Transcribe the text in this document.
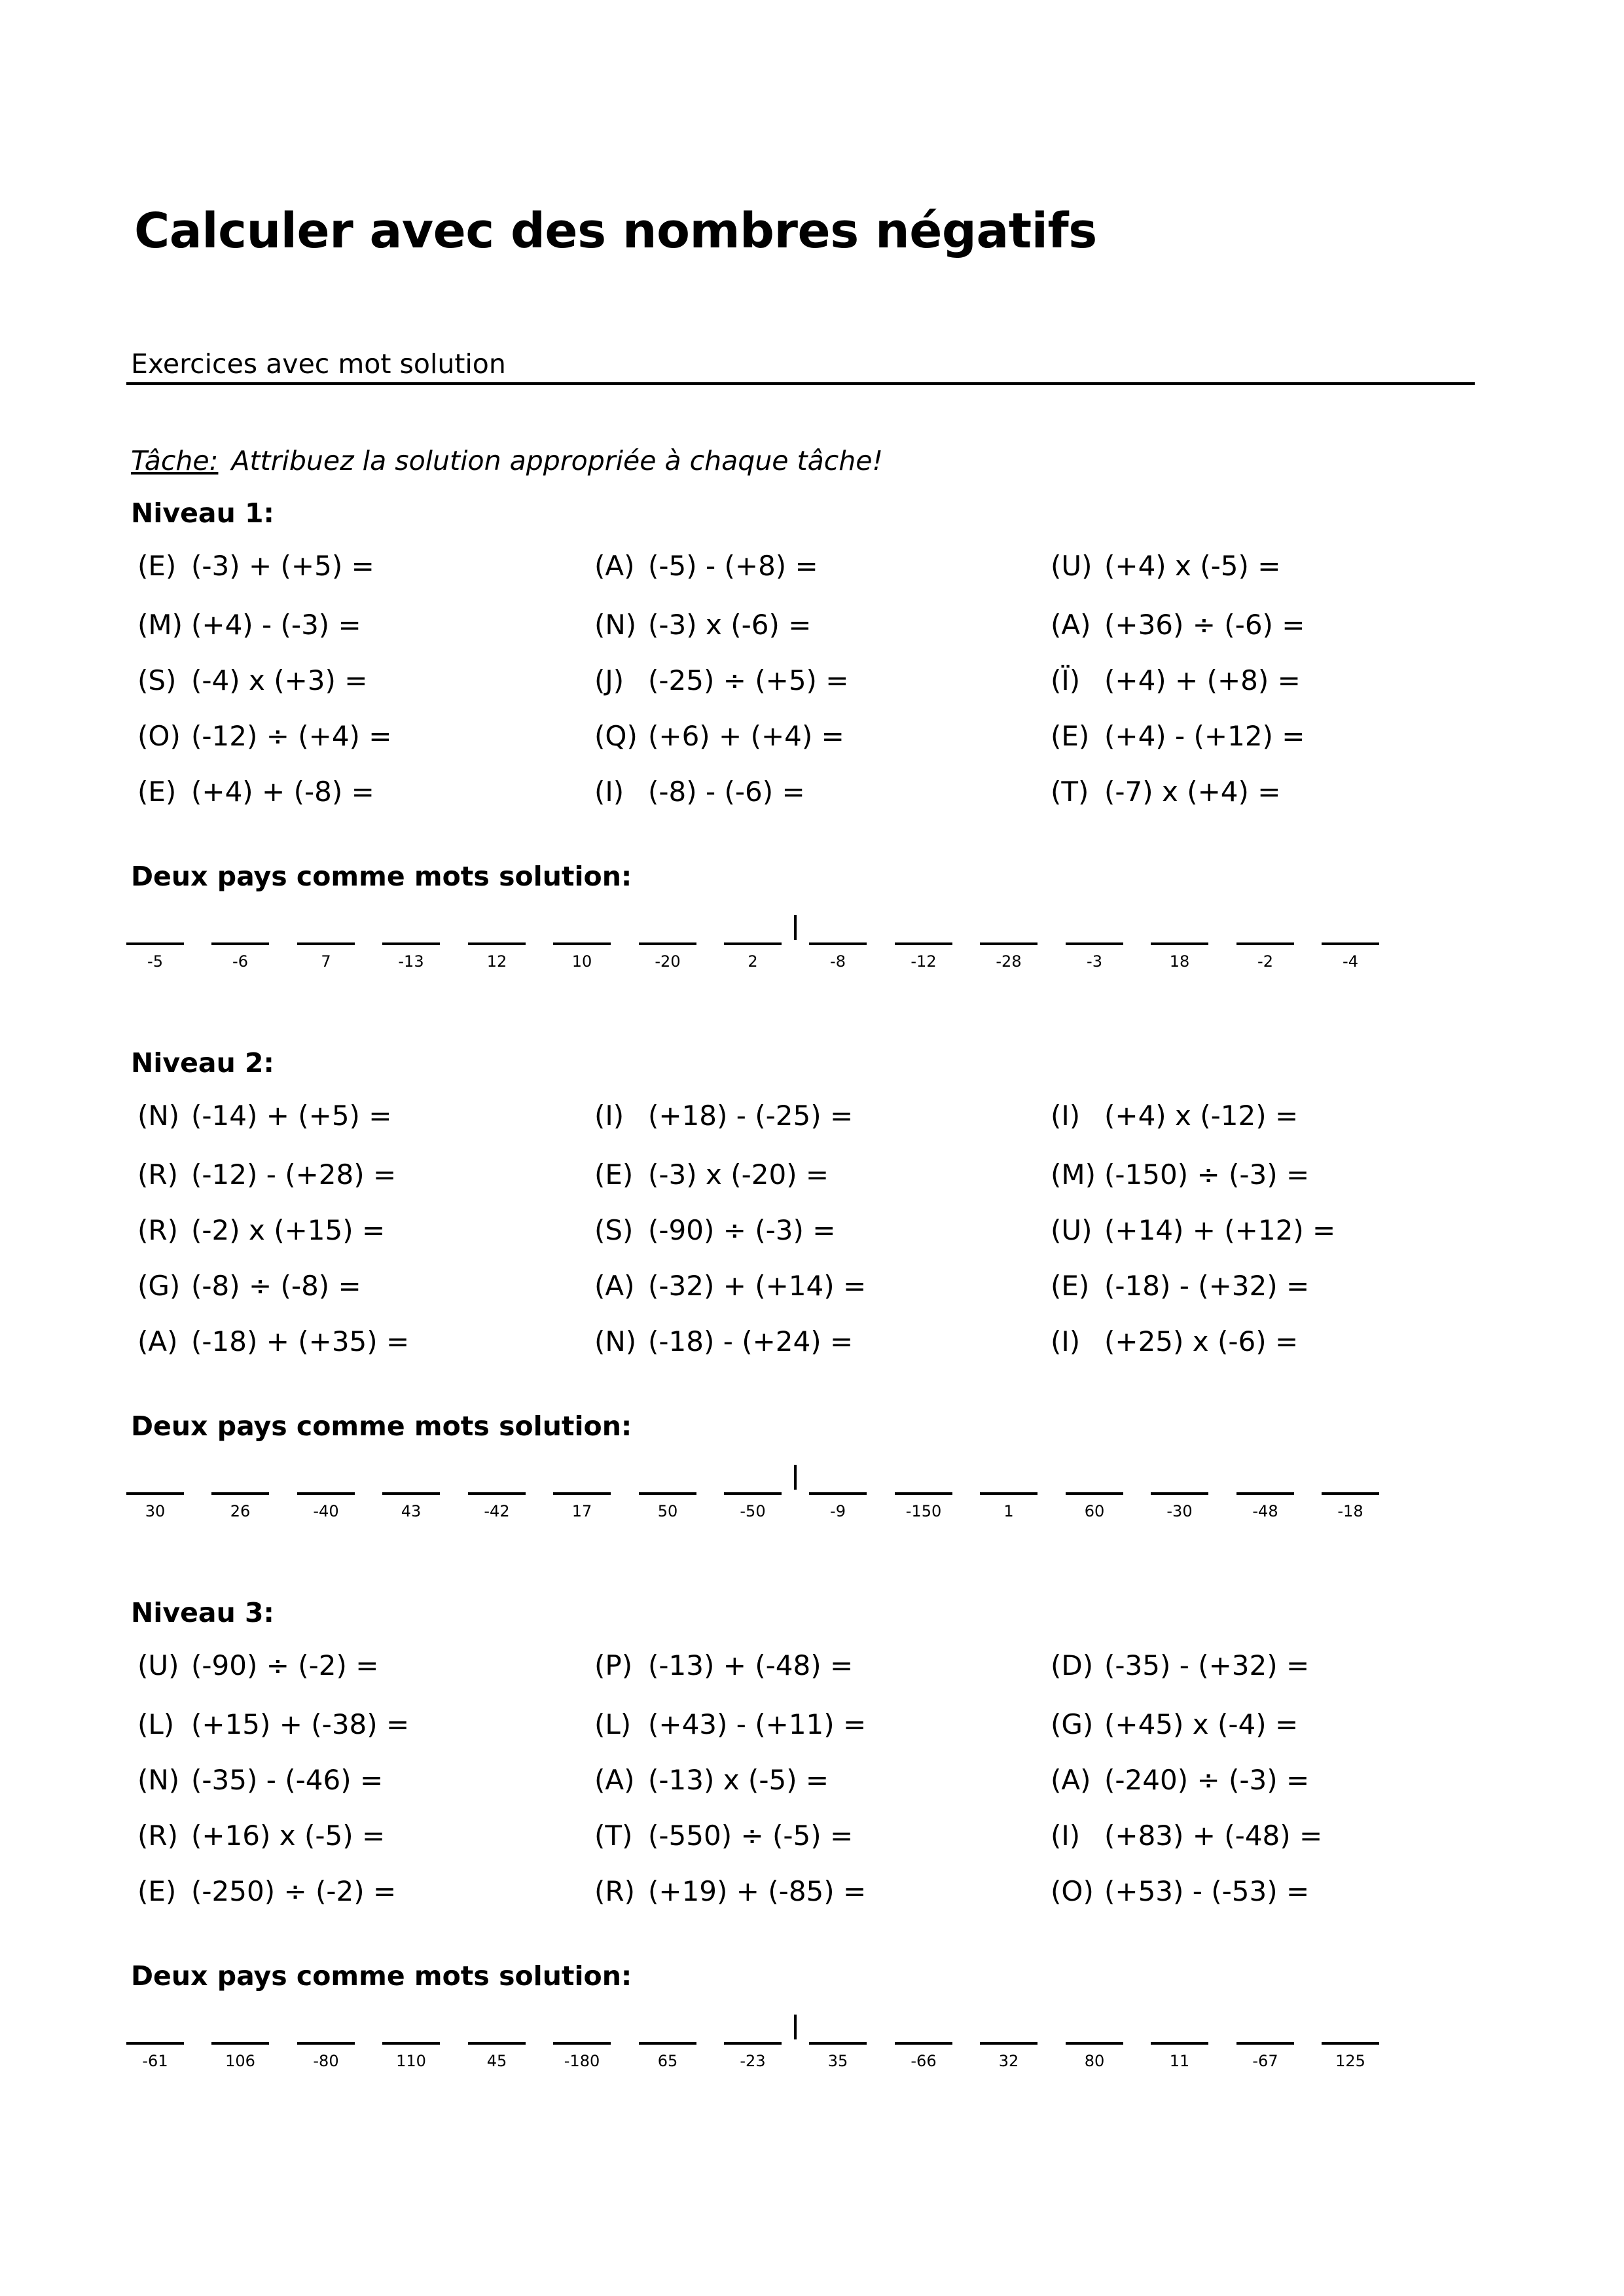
Calculer avec des nombres négatifs
Exercices avec mot solution
Tâche: Attribuez la solution appropriée à chaque tâche!
Niveau 1:
(E) (-3) + (+5) =	(A) (-5) - (+8) =	(U) (+4) x (-5) =
(M) (+4) - (-3) =	(N) (-3) x (-6) =	(A) (+36) ÷ (-6) =
(S) (-4) x (+3) =	(J) (-25) ÷ (+5) =	(Ï) (+4) + (+8) =
(O) (-12) ÷ (+4) =	(Q) (+6) + (+4) =	(E) (+4) - (+12) =
(E) (+4) + (-8) =	(I) (-8) - (-6) =	(T) (-7) x (+4) =
Deux pays comme mots solution:
-5	-6	7	-13	12	10	-20	2	-8	-12	-28	-3	18	-2	-4
Niveau 2:
(N) (-14) + (+5) =	(I) (+18) - (-25) =	(I) (+4) x (-12) =
(R) (-12) - (+28) =	(E) (-3) x (-20) =	(M) (-150) ÷ (-3) =
(R) (-2) x (+15) =	(S) (-90) ÷ (-3) =	(U) (+14) + (+12) =
(G) (-8) ÷ (-8) =	(A) (-32) + (+14) =	(E) (-18) - (+32) =
(A) (-18) + (+35) =	(N) (-18) - (+24) =	(I) (+25) x (-6) =
Deux pays comme mots solution:
30	26	-40	43	-42	17	50	-50	-9	-150	1	60	-30	-48	-18
Niveau 3:
(U) (-90) ÷ (-2) =	(P) (-13) + (-48) =	(D) (-35) - (+32) =
(L) (+15) + (-38) =	(L) (+43) - (+11) =	(G) (+45) x (-4) =
(N) (-35) - (-46) =	(A) (-13) x (-5) =	(A) (-240) ÷ (-3) =
(R) (+16) x (-5) =	(T) (-550) ÷ (-5) =	(I) (+83) + (-48) =
(E) (-250) ÷ (-2) =	(R) (+19) + (-85) =	(O) (+53) - (-53) =
Deux pays comme mots solution:
-61	106	-80	110	45	-180	65	-23	35	-66	32	80	11	-67	125
